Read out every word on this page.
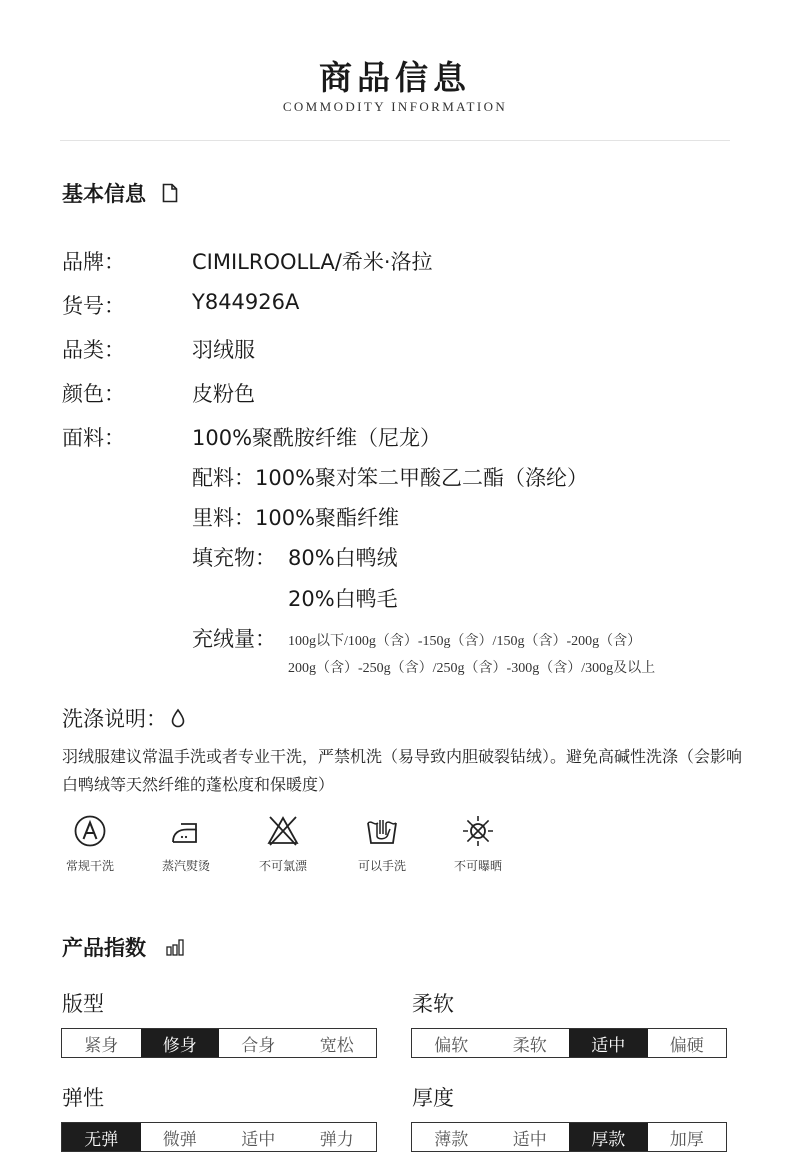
商品信息
COMMODITY INFORMATION
基本信息
品牌：	CIMILROOLLA/希米·洛拉
货号：	Y844926A
品类：	羽绒服
颜色：	皮粉色
面料：	100%聚酰胺纤维（尼龙）
配料：100%聚对笨二甲酸乙二酯（涤纶）
里料：100%聚酯纤维
填充物： 80%白鸭绒
20%白鸭毛
充绒量： 100g以下/100g（含）-150g（含）/150g（含）-200g（含）
200g（含）-250g（含）/250g（含）-300g（含）/300g及以上
洗涤说明：
羽绒服建议常温手洗或者专业干洗，严禁机洗（易导致内胆破裂钻绒）。避免高碱性洗涤（会影响白鸭绒等天然纤维的蓬松度和保暖度）
常规干洗	蒸汽熨烫	不可氯漂	可以手洗	不可曝晒
产品指数
版型
紧身	修身	合身	宽松
柔软
偏软	柔软	适中	偏硬
弹性
无弹	微弹	适中	弹力
厚度
薄款	适中	厚款	加厚
